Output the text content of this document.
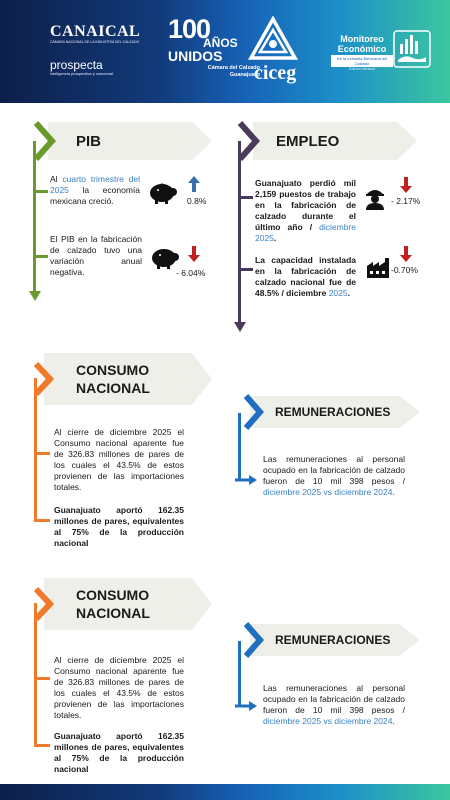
CANAICAL
CÁMARA NACIONAL DE LA INDUSTRIA DEL CALZADO
prospecta
inteligencia prospectiva y comercial
100
AÑOS
UNIDOS
Cámara del Calzado
Guanajuato
ciceg
Monitoreo Económico
De la Industria Mexicana del Calzado
Edición mensual
PIB
Al cuarto trimestre del 2025 la economía mexicana creció.	0.8%
El PIB en la fabricación de calzado tuvo una variación anual negativa.	- 6.04%
EMPLEO
Guanajuato perdió mil 2,159 puestos de trabajo en la fabricación de calzado durante el último año / diciembre 2025.
- 2.17%
La capacidad instalada en la fabricación de calzado nacional fue de 48.5% / diciembre 2025.
-0.70%
CONSUMO
NACIONAL
Al cierre de diciembre 2025 el Consumo nacional aparente fue de 326.83 millones de pares de los cuales el 43.5% de estos provienen de las importaciones totales.
Guanajuato aportó 162.35 millones de pares, equivalentes al 75% de la producción nacional
REMUNERACIONES
Las remuneraciones al personal ocupado en la fabricación de calzado fueron de 10 mil 398 pesos / diciembre 2025 vs diciembre 2024.
CONSUMO
NACIONAL
Al cierre de diciembre 2025 el Consumo nacional aparente fue de 326.83 millones de pares de los cuales el 43.5% de estos provienen de las importaciones totales.
Guanajuato aportó 162.35 millones de pares, equivalentes al 75% de la producción nacional
REMUNERACIONES
Las remuneraciones al personal ocupado en la fabricación de calzado fueron de 10 mil 398 pesos / diciembre 2025 vs diciembre 2024.
